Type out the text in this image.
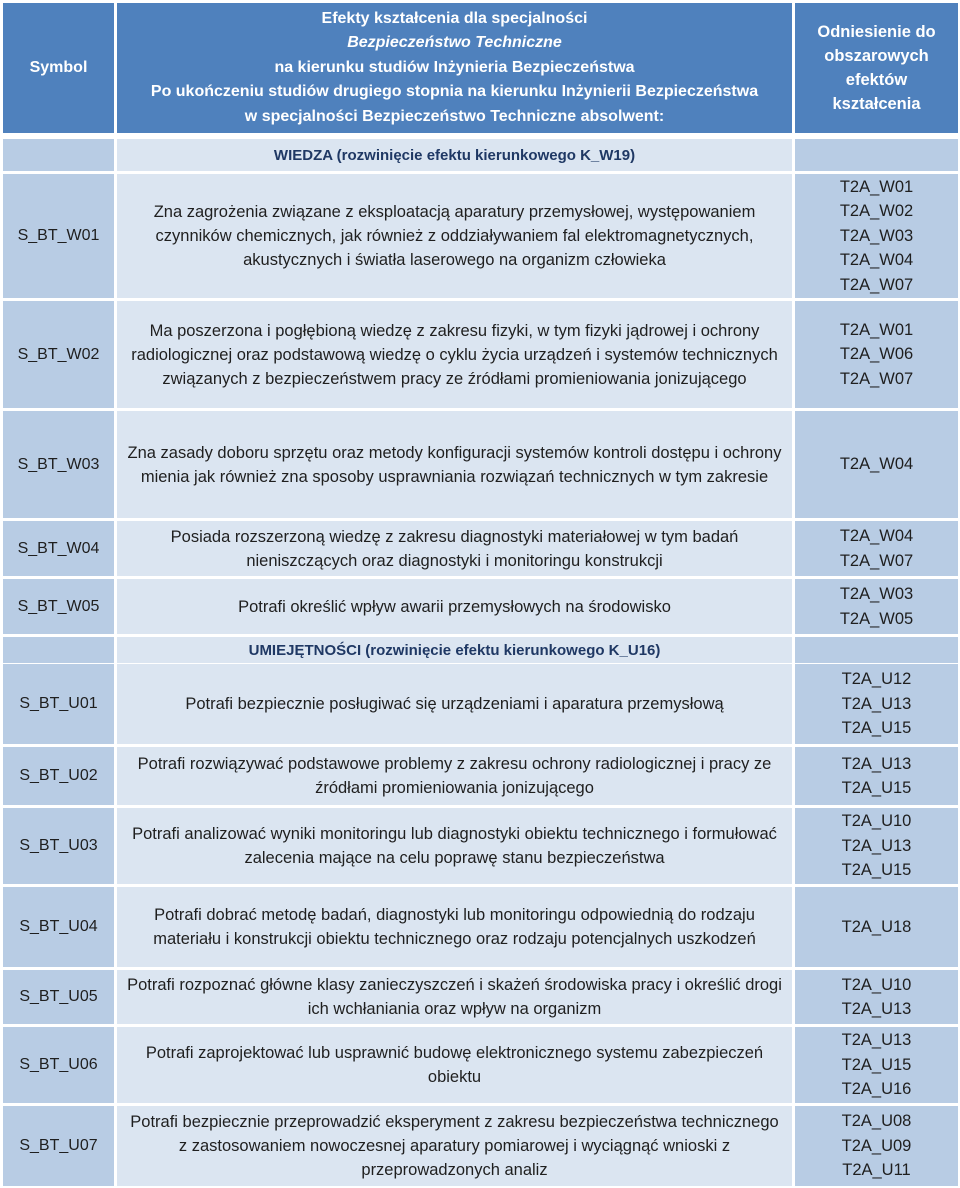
Symbol
Efekty kształcenia dla specjalności
Bezpieczeństwo Techniczne
na kierunku studiów Inżynieria Bezpieczeństwa
Po ukończeniu studiów drugiego stopnia na kierunku Inżynierii Bezpieczeństwa
w specjalności Bezpieczeństwo Techniczne absolwent:
Odniesienie do
obszarowych
efektów
kształcenia
WIEDZA (rozwinięcie efektu kierunkowego K_W19)
S_BT_W01
Zna zagrożenia związane z eksploatacją aparatury przemysłowej, występowaniem czynników chemicznych, jak również z oddziaływaniem fal elektromagnetycznych, akustycznych i światła laserowego na organizm człowieka
T2A_W01
T2A_W02
T2A_W03
T2A_W04
T2A_W07
S_BT_W02
Ma poszerzona i pogłębioną wiedzę z zakresu fizyki, w tym fizyki jądrowej i ochrony radiologicznej oraz podstawową wiedzę o cyklu życia urządzeń i systemów technicznych związanych z bezpieczeństwem pracy ze źródłami promieniowania jonizującego
T2A_W01
T2A_W06
T2A_W07
S_BT_W03
Zna zasady doboru sprzętu oraz metody konfiguracji systemów kontroli dostępu i ochrony mienia jak również zna sposoby usprawniania rozwiązań technicznych w tym zakresie
T2A_W04
S_BT_W04
Posiada rozszerzoną wiedzę z zakresu diagnostyki materiałowej w tym badań nieniszczących oraz diagnostyki i monitoringu konstrukcji
T2A_W04
T2A_W07
S_BT_W05	Potrafi określić wpływ awarii przemysłowych na środowisko
T2A_W03
T2A_W05
UMIEJĘTNOŚCI (rozwinięcie efektu kierunkowego K_U16)
S_BT_U01	Potrafi bezpiecznie posługiwać się urządzeniami i aparatura przemysłową
T2A_U12
T2A_U13
T2A_U15
S_BT_U02
Potrafi rozwiązywać podstawowe problemy z zakresu ochrony radiologicznej i pracy ze źródłami promieniowania jonizującego
T2A_U13
T2A_U15
S_BT_U03
Potrafi analizować wyniki monitoringu lub diagnostyki obiektu technicznego i formułować zalecenia mające na celu poprawę stanu bezpieczeństwa
T2A_U10
T2A_U13
T2A_U15
S_BT_U04
Potrafi dobrać metodę badań, diagnostyki lub monitoringu odpowiednią do rodzaju materiału i konstrukcji obiektu technicznego oraz rodzaju potencjalnych uszkodzeń
T2A_U18
S_BT_U05
Potrafi rozpoznać główne klasy zanieczyszczeń i skażeń środowiska pracy i określić drogi ich wchłaniania oraz wpływ na organizm
T2A_U10
T2A_U13
S_BT_U06
Potrafi zaprojektować lub usprawnić budowę elektronicznego systemu zabezpieczeń obiektu
T2A_U13
T2A_U15
T2A_U16
S_BT_U07
Potrafi bezpiecznie przeprowadzić eksperyment z zakresu bezpieczeństwa technicznego z zastosowaniem nowoczesnej aparatury pomiarowej i wyciągnąć wnioski z przeprowadzonych analiz
T2A_U08
T2A_U09
T2A_U11
